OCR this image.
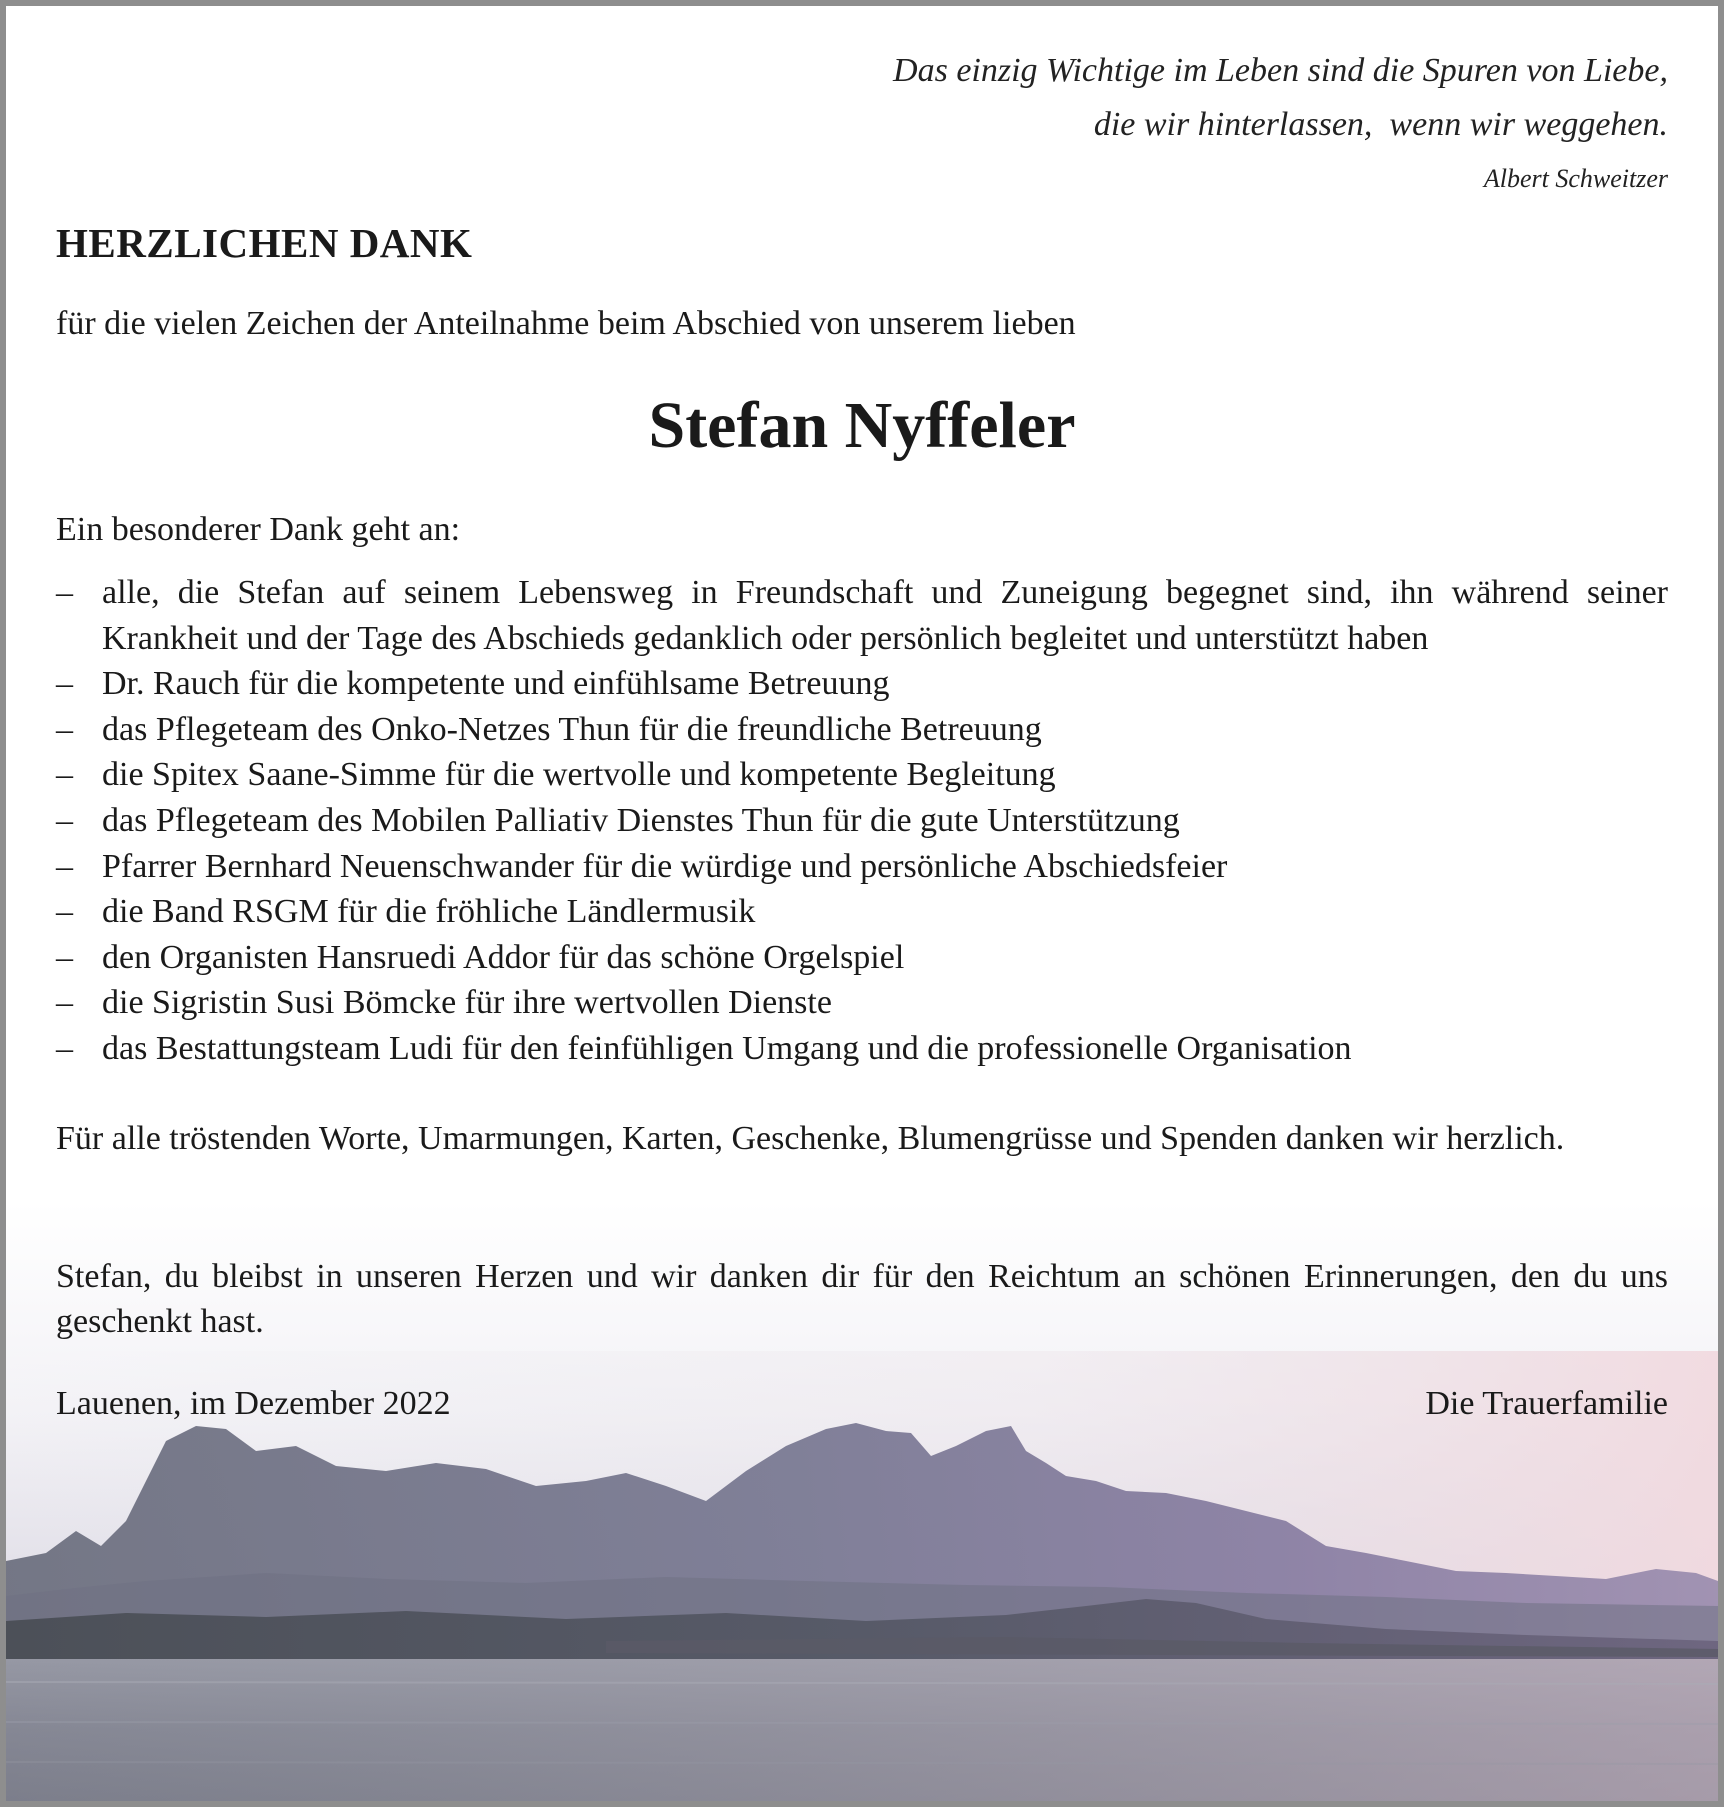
Das einzig Wichtige im Leben sind die Spuren von Liebe,
die wir hinterlassen,  wenn wir weggehen.
Albert Schweitzer
HERZLICHEN DANK
für die vielen Zeichen der Anteilnahme beim Abschied von unserem lieben
Stefan Nyffeler
Ein besonderer Dank geht an:
– alle, die Stefan auf seinem Lebensweg in Freundschaft und Zuneigung begegnet sind, ihn während seiner Krankheit und der Tage des Abschieds gedanklich oder persönlich begleitet und unterstützt haben
– Dr. Rauch für die kompetente und einfühlsame Betreuung
– das Pflegeteam des Onko-Netzes Thun für die freundliche Betreuung
– die Spitex Saane-Simme für die wertvolle und kompetente Begleitung
– das Pflegeteam des Mobilen Palliativ Dienstes Thun für die gute Unterstützung
– Pfarrer Bernhard Neuenschwander für die würdige und persönliche Abschiedsfeier
– die Band RSGM für die fröhliche Ländlermusik
– den Organisten Hansruedi Addor für das schöne Orgelspiel
– die Sigristin Susi Bömcke für ihre wertvollen Dienste
– das Bestattungsteam Ludi für den feinfühligen Umgang und die professionelle Organisation
Für alle tröstenden Worte, Umarmungen, Karten, Geschenke, Blumengrüsse und Spenden danken wir herzlich.
Stefan, du bleibst in unseren Herzen und wir danken dir für den Reichtum an schönen Erinnerungen, den du uns geschenkt hast.
Lauenen, im Dezember 2022	Die Trauerfamilie
